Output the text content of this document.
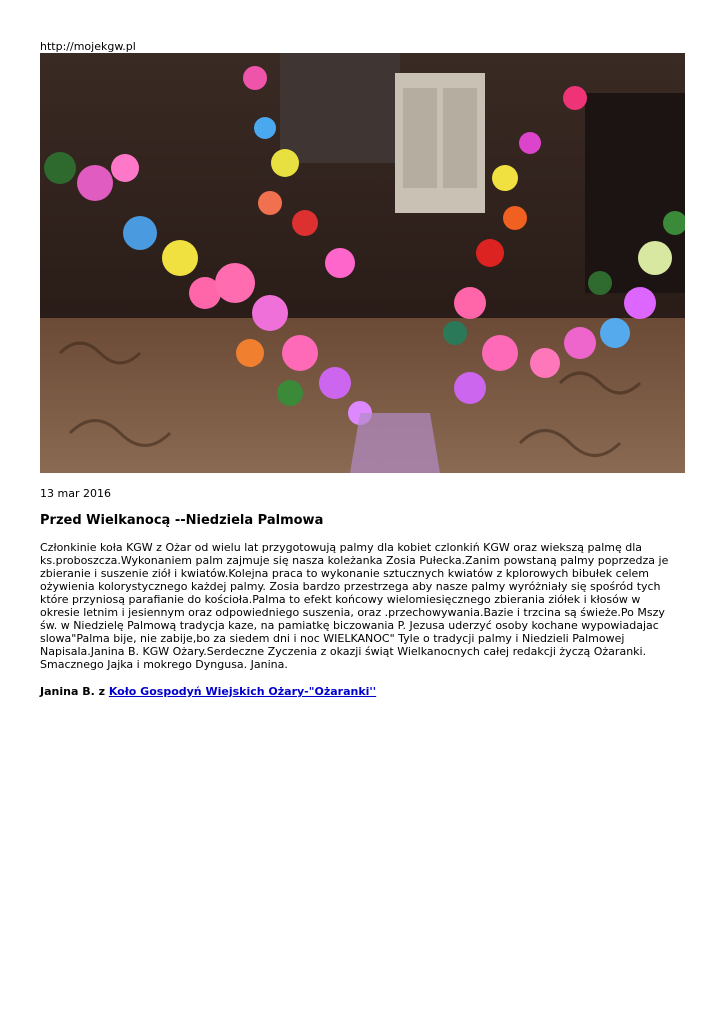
http://mojekgw.pl
13 mar 2016
Przed Wielkanocą --Niedziela Palmowa
Członkinie koła KGW z Ożar od wielu lat przygotowują palmy dla kobiet czlonkiń KGW oraz wiekszą palmę dla
ks.proboszcza.Wykonaniem palm zajmuje się nasza koleżanka Zosia Pułecka.Zanim powstaną palmy poprzedza je
zbieranie i suszenie ziół i kwiatów.Kolejna praca to wykonanie sztucznych kwiatów z kplorowych bibułek celem
ożywienia kolorystycznego każdej palmy. Zosia bardzo przestrzega aby nasze palmy wyróżniały się spośród tych
które przyniosą parafianie do kościoła.Palma to efekt końcowy wielomiesięcznego zbierania ziółek i kłosów w
okresie letnim i jesiennym oraz odpowiedniego suszenia, oraz .przechowywania.Bazie i trzcina są świeże.Po Mszy
św. w Niedzielę Palmową tradycja kaze, na pamiatkę biczowania P. Jezusa uderzyć osoby kochane wypowiadajac
slowa"Palma bije, nie zabije,bo za siedem dni i noc WIELKANOC" Tyle o tradycji palmy i Niedzieli Palmowej
Napisala.Janina B. KGW Ożary.Serdeczne Zyczenia z okazji świąt Wielkanocnych całej redakcji życzą Ożaranki.
Smacznego Jajka i mokrego Dyngusa. Janina.
Janina B. z Koło Gospodyń Wiejskich Ożary-"Ożaranki''
